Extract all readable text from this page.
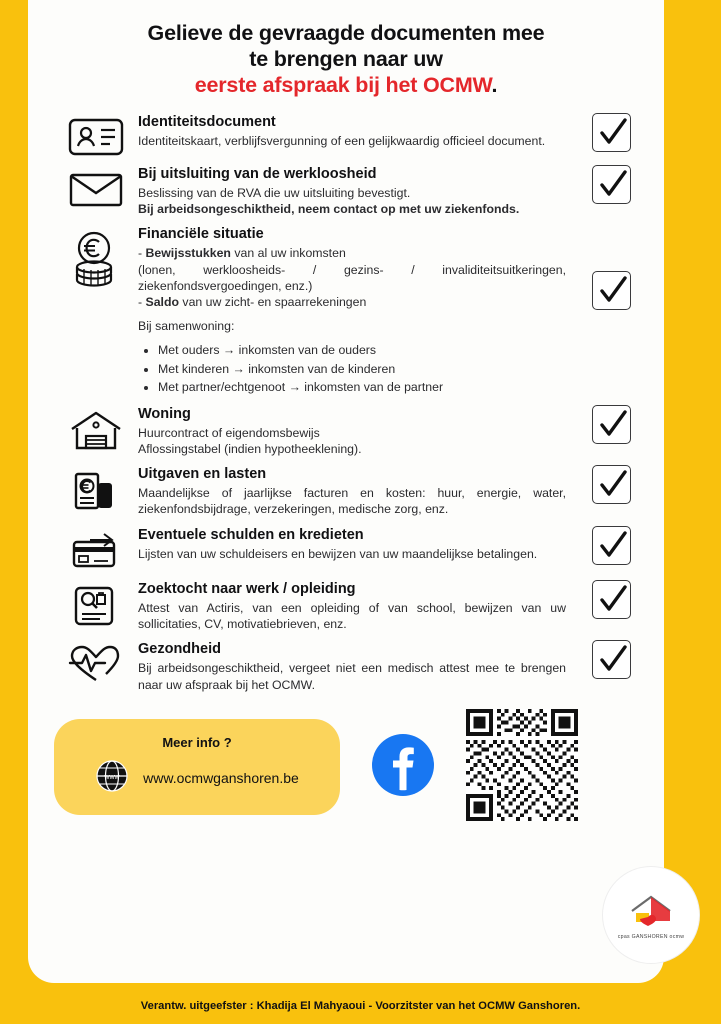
Gelieve de gevraagde documenten mee
te brengen naar uw
eerste afspraak bij het OCMW.
Identiteitsdocument
Identiteitskaart, verblijfsvergunning of een gelijkwaardig officieel document.
Bij uitsluiting van de werkloosheid
Beslissing van de RVA die uw uitsluiting bevestigt.
Bij arbeidsongeschiktheid, neem contact op met uw ziekenfonds.
Financiële situatie
- Bewijsstukken van al uw inkomsten
(lonen, werkloosheids- / gezins- / invaliditeitsuitkeringen, ziekenfondsvergoedingen, enz.)
- Saldo van uw zicht- en spaarrekeningen
Bij samenwoning:
• Met ouders → inkomsten van de ouders
• Met kinderen → inkomsten van de kinderen
• Met partner/echtgenoot → inkomsten van de partner
Woning
Huurcontract of eigendomsbewijs
Aflossingstabel (indien hypotheeklening).
Uitgaven en lasten
Maandelijkse of jaarlijkse facturen en kosten: huur, energie, water, ziekenfondsbijdrage, verzekeringen, medische zorg, enz.
Eventuele schulden en kredieten
Lijsten van uw schuldeisers en bewijzen van uw maandelijkse betalingen.
Zoektocht naar werk / opleiding
Attest van Actiris, van een opleiding of van school, bewijzen van uw sollicitaties, CV, motivatiebrieven, enz.
Gezondheid
Bij arbeidsongeschiktheid, vergeet niet een medisch attest mee te brengen naar uw afspraak bij het OCMW.
Meer info ?
www www.ocmwganshoren.be
cpas GANSHOREN ocmw
Verantw. uitgeefster : Khadija El Mahyaoui - Voorzitster van het OCMW Ganshoren.
